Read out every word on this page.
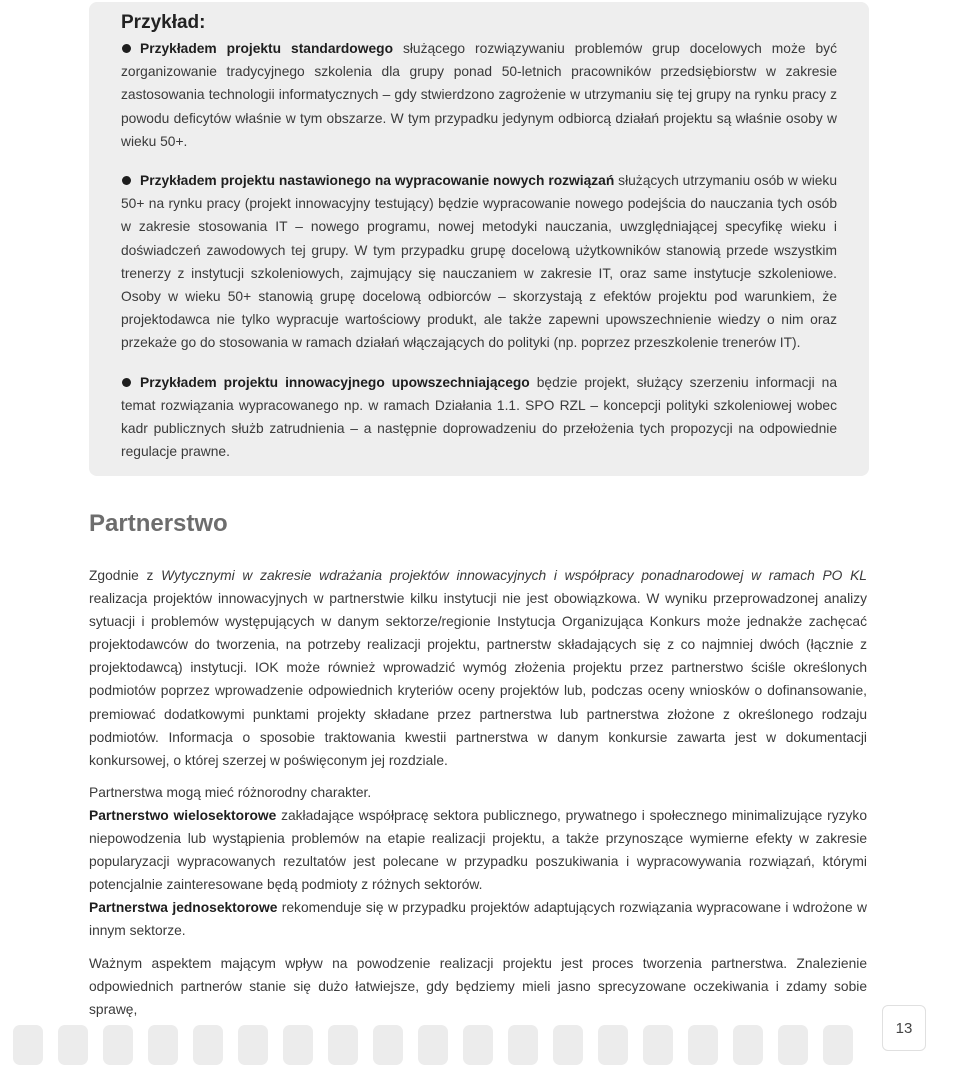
Przykład:

Przykładem projektu standardowego służącego rozwiązywaniu problemów grup docelowych może być zorganizowanie tradycyjnego szkolenia dla grupy ponad 50-letnich pracowników przedsiębiorstw w zakresie zastosowania technologii informatycznych – gdy stwierdzono zagrożenie w utrzymaniu się tej grupy na rynku pracy z powodu deficytów właśnie w tym obszarze. W tym przypadku jedynym odbiorcą działań projektu są właśnie osoby w wieku 50+.

Przykładem projektu nastawionego na wypracowanie nowych rozwiązań służących utrzymaniu osób w wieku 50+ na rynku pracy (projekt innowacyjny testujący) będzie wypracowanie nowego podejścia do nauczania tych osób w zakresie stosowania IT – nowego programu, nowej metodyki nauczania, uwzględniającej specyfikę wieku i doświadczeń zawodowych tej grupy. W tym przypadku grupę docelową użytkowników stanowią przede wszystkim trenerzy z instytucji szkoleniowych, zajmujący się nauczaniem w zakresie IT, oraz same instytucje szkoleniowe. Osoby w wieku 50+ stanowią grupę docelową odbiorców – skorzystają z efektów projektu pod warunkiem, że projektodawca nie tylko wypracuje wartościowy produkt, ale także zapewni upowszechnienie wiedzy o nim oraz przekaże go do stosowania w ramach działań włączających do polityki (np. poprzez przeszkolenie trenerów IT).

Przykładem projektu innowacyjnego upowszechniającego będzie projekt, służący szerzeniu informacji na temat rozwiązania wypracowanego np. w ramach Działania 1.1. SPO RZL – koncepcji polityki szkoleniowej wobec kadr publicznych służb zatrudnienia – a następnie doprowadzeniu do przełożenia tych propozycji na odpowiednie regulacje prawne.

Partnerstwo

Zgodnie z Wytycznymi w zakresie wdrażania projektów innowacyjnych i współpracy ponadnarodowej w ramach PO KL realizacja projektów innowacyjnych w partnerstwie kilku instytucji nie jest obowiązkowa. W wyniku przeprowadzonej analizy sytuacji i problemów występujących w danym sektorze/regionie Instytucja Organizująca Konkurs może jednakże zachęcać projektodawców do tworzenia, na potrzeby realizacji projektu, partnerstw składających się z co najmniej dwóch (łącznie z projektodawcą) instytucji. IOK może również wprowadzić wymóg złożenia projektu przez partnerstwo ściśle określonych podmiotów poprzez wprowadzenie odpowiednich kryteriów oceny projektów lub, podczas oceny wniosków o dofinansowanie, premiować dodatkowymi punktami projekty składane przez partnerstwa lub partnerstwa złożone z określonego rodzaju podmiotów. Informacja o sposobie traktowania kwestii partnerstwa w danym konkursie zawarta jest w dokumentacji konkursowej, o której szerzej w poświęconym jej rozdziale.

Partnerstwa mogą mieć różnorodny charakter.

Partnerstwo wielosektorowe zakładające współpracę sektora publicznego, prywatnego i społecznego minimalizujące ryzyko niepowodzenia lub wystąpienia problemów na etapie realizacji projektu, a także przynoszące wymierne efekty w zakresie popularyzacji wypracowanych rezultatów jest polecane w przypadku poszukiwania i wypracowywania rozwiązań, którymi potencjalnie zainteresowane będą podmioty z różnych sektorów.

Partnerstwa jednosektorowe rekomenduje się w przypadku projektów adaptujących rozwiązania wypracowane i wdrożone w innym sektorze.

Ważnym aspektem mającym wpływ na powodzenie realizacji projektu jest proces tworzenia partnerstwa. Znalezienie odpowiednich partnerów stanie się dużo łatwiejsze, gdy będziemy mieli jasno sprecyzowane oczekiwania i zdamy sobie sprawę,

13
